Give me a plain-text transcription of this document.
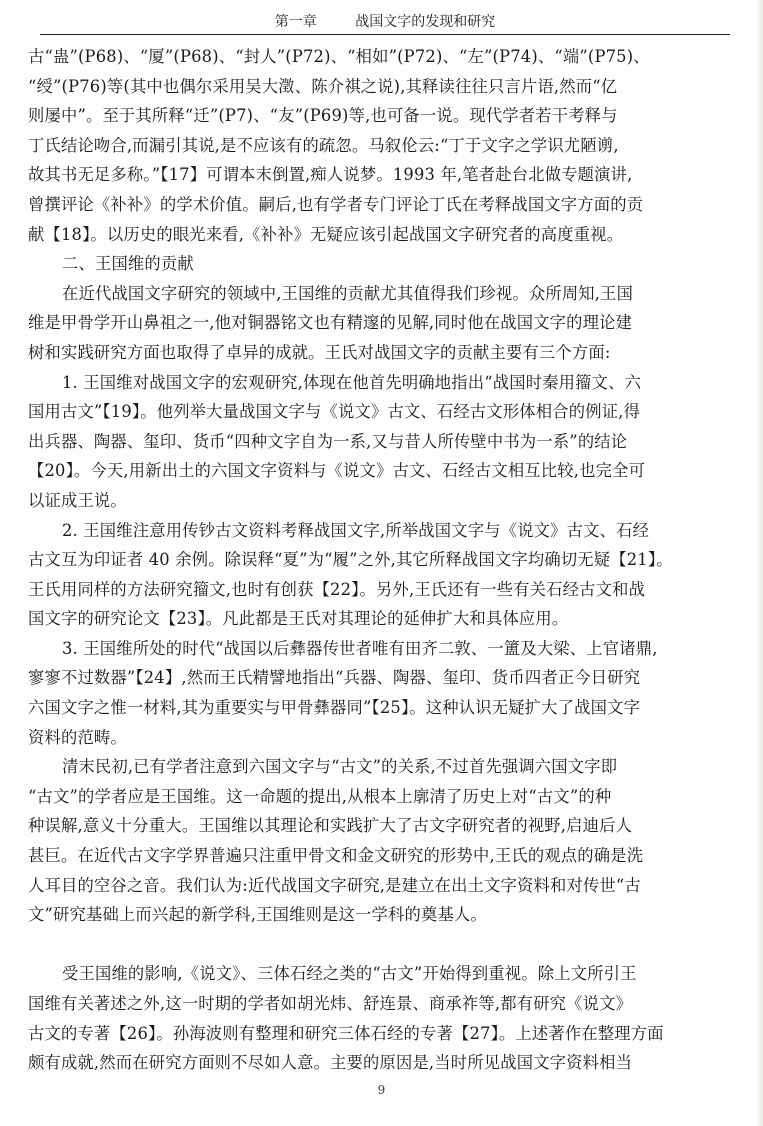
第一章	战国文字的发现和研究
古“蛊”(P68)、“厦”(P68)、“封人”(P72)、“相如”(P72)、“左”(P74)、“端”(P75)、
“绶”(P76)等(其中也偶尔采用吴大澂、陈介祺之说),其释读往往只言片语,然而“亿
则屡中”。至于其所释“迁”(P7)、“友”(P69)等,也可备一说。现代学者若干考释与
丁氏结论吻合,而漏引其说,是不应该有的疏忽。马叙伦云:“丁于文字之学识尤陋谫,
故其书无足多称。”【17】可谓本末倒置,痴人说梦。1993 年,笔者赴台北做专题演讲,
曾撰评论《补补》的学术价值。嗣后,也有学者专门评论丁氏在考释战国文字方面的贡
献【18】。以历史的眼光来看,《补补》无疑应该引起战国文字研究者的高度重视。
二、王国维的贡献
在近代战国文字研究的领域中,王国维的贡献尤其值得我们珍视。众所周知,王国
维是甲骨学开山鼻祖之一,他对铜器铭文也有精邃的见解,同时他在战国文字的理论建
树和实践研究方面也取得了卓异的成就。王氏对战国文字的贡献主要有三个方面:
1. 王国维对战国文字的宏观研究,体现在他首先明确地指出“战国时秦用籀文、六
国用古文”【19】。他列举大量战国文字与《说文》古文、石经古文形体相合的例证,得
出兵器、陶器、玺印、货币“四种文字自为一系,又与昔人所传壁中书为一系”的结论
【20】。今天,用新出土的六国文字资料与《说文》古文、石经古文相互比较,也完全可
以证成王说。
2. 王国维注意用传钞古文资料考释战国文字,所举战国文字与《说文》古文、石经
古文互为印证者 40 余例。除误释“夏”为“履”之外,其它所释战国文字均确切无疑【21】。
王氏用同样的方法研究籀文,也时有创获【22】。另外,王氏还有一些有关石经古文和战
国文字的研究论文【23】。凡此都是王氏对其理论的延伸扩大和具体应用。
3. 王国维所处的时代“战国以后彝器传世者唯有田齐二敦、一簠及大梁、上官诸鼎,
寥寥不过数器”【24】,然而王氏精譬地指出“兵器、陶器、玺印、货币四者正今日研究
六国文字之惟一材料,其为重要实与甲骨彝器同”【25】。这种认识无疑扩大了战国文字
资料的范畴。
清末民初,已有学者注意到六国文字与“古文”的关系,不过首先强调六国文字即
“古文”的学者应是王国维。这一命题的提出,从根本上廓清了历史上对“古文”的种
种误解,意义十分重大。王国维以其理论和实践扩大了古文字研究者的视野,启迪后人
甚巨。在近代古文字学界普遍只注重甲骨文和金文研究的形势中,王氏的观点的确是洗
人耳目的空谷之音。我们认为:近代战国文字研究,是建立在出土文字资料和对传世“古
文”研究基础上而兴起的新学科,王国维则是这一学科的奠基人。
受王国维的影响,《说文》、三体石经之类的“古文”开始得到重视。除上文所引王
国维有关著述之外,这一时期的学者如胡光炜、舒连景、商承祚等,都有研究《说文》
古文的专著【26】。孙海波则有整理和研究三体石经的专著【27】。上述著作在整理方面
颇有成就,然而在研究方面则不尽如人意。主要的原因是,当时所见战国文字资料相当
9
